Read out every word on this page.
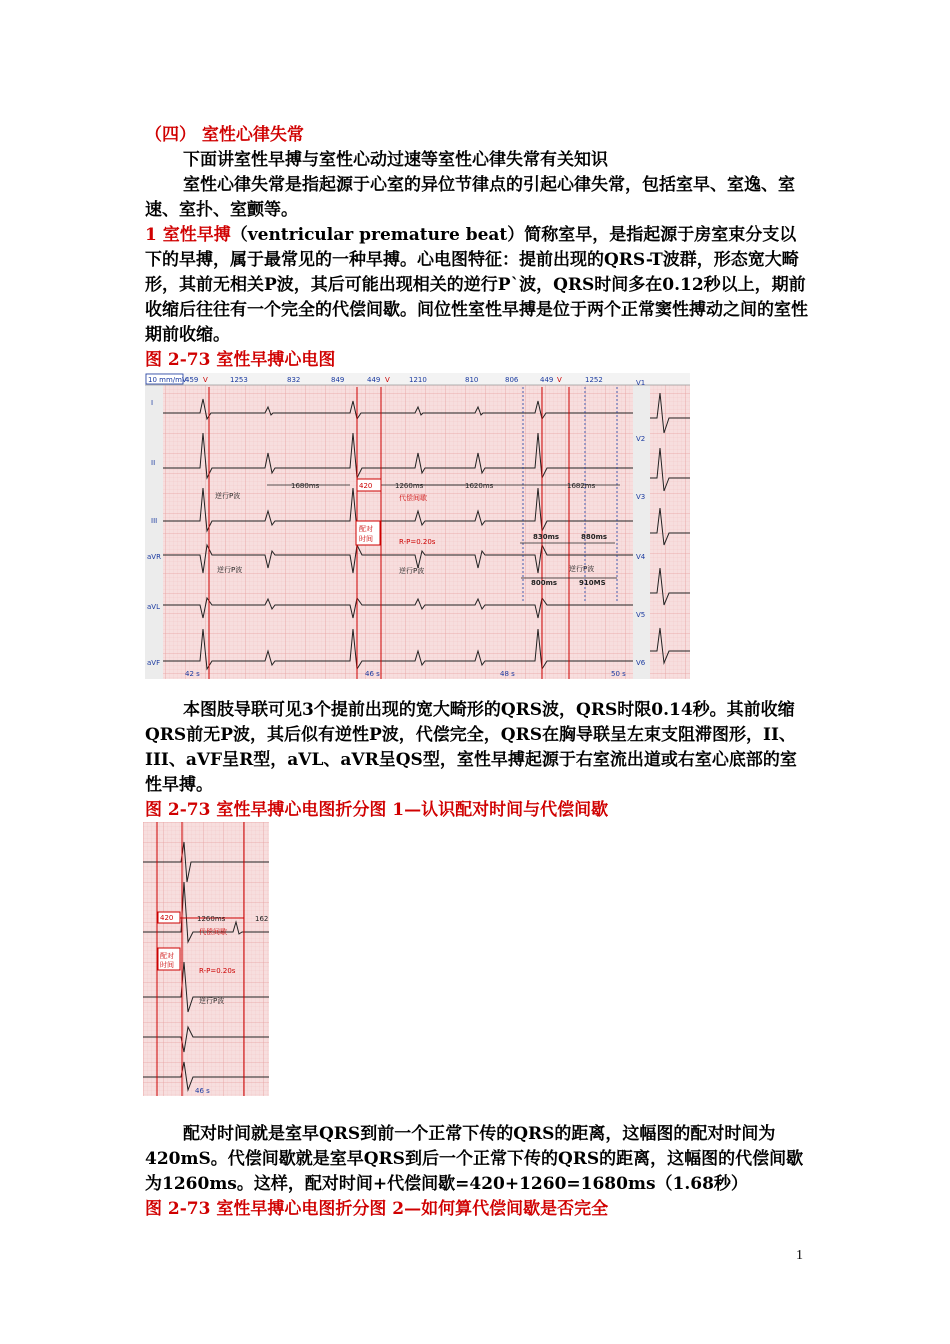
（四） 室性心律失常
下面讲室性早搏与室性心动过速等室性心律失常有关知识
室性心律失常是指起源于心室的异位节律点的引起心律失常，包括室早、室逸、室速、室扑、室颤等。
1 室性早搏（ventricular premature beat）简称室早，是指起源于房室束分支以下的早搏，属于最常见的一种早搏。心电图特征：提前出现的QRS-T波群，形态宽大畸形，其前无相关P波，其后可能出现相关的逆行P`波，QRS时间多在0.12秒以上，期前收缩后往往有一个完全的代偿间歇。间位性室性早搏是位于两个正常窦性搏动之间的室性期前收缩。
图 2-73 室性早搏心电图
10 mm/mV
459 V	1253	832	849	449 V	1210	810	806	449 V	1252
I
II
III
aVR
aVL
aVF
V1
V2
V3
V4
V5
V6
1680ms	420	1260ms	1620ms	1682ms
代偿间歇
配对
时间	R-P=0.20s
逆行P波
逆行P波	逆行P波	逆行P波
830ms	880ms
800ms	910MS
42 s	46 s	48 s	50 s
本图肢导联可见3个提前出现的宽大畸形的QRS波，QRS时限0.14秒。其前收缩QRS前无P波，其后似有逆性P波，代偿完全，QRS在胸导联呈左束支阻滞图形，II、III、aVF呈R型，aVL、aVR呈QS型，室性早搏起源于右室流出道或右室心底部的室性早搏。
图 2-73 室性早搏心电图折分图 1—认识配对时间与代偿间歇
420	1260ms	162
代偿间歇
配对
时间
R-P=0.20s
逆行P波
46 s
配对时间就是室早QRS到前一个正常下传的QRS的距离，这幅图的配对时间为420mS。代偿间歇就是室早QRS到后一个正常下传的QRS的距离，这幅图的代偿间歇为1260ms。这样，配对时间+代偿间歇=420+1260=1680ms（1.68秒）
图 2-73 室性早搏心电图折分图 2—如何算代偿间歇是否完全
1
